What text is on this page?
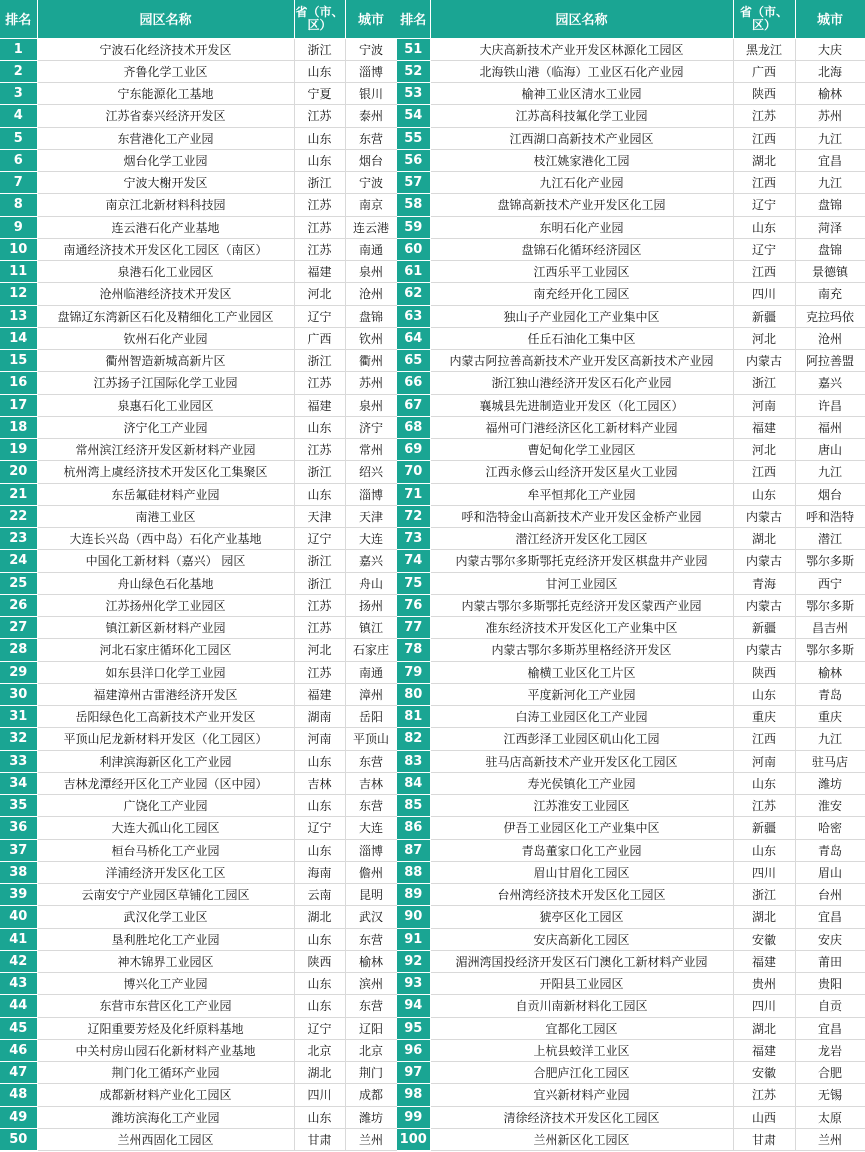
排名	园区名称	省（市、区）	城市
1	宁波石化经济技术开发区	浙江	宁波
2	齐鲁化学工业区	山东	淄博
3	宁东能源化工基地	宁夏	银川
4	江苏省泰兴经济开发区	江苏	泰州
5	东营港化工产业园	山东	东营
6	烟台化学工业园	山东	烟台
7	宁波大榭开发区	浙江	宁波
8	南京江北新材料科技园	江苏	南京
9	连云港石化产业基地	江苏	连云港
10	南通经济技术开发区化工园区（南区）	江苏	南通
11	泉港石化工业园区	福建	泉州
12	沧州临港经济技术开发区	河北	沧州
13	盘锦辽东湾新区石化及精细化工产业园区	辽宁	盘锦
14	钦州石化产业园	广西	钦州
15	衢州智造新城高新片区	浙江	衢州
16	江苏扬子江国际化学工业园	江苏	苏州
17	泉惠石化工业园区	福建	泉州
18	济宁化工产业园	山东	济宁
19	常州滨江经济开发区新材料产业园	江苏	常州
20	杭州湾上虞经济技术开发区化工集聚区	浙江	绍兴
21	东岳氟硅材料产业园	山东	淄博
22	南港工业区	天津	天津
23	大连长兴岛（西中岛）石化产业基地	辽宁	大连
24	中国化工新材料（嘉兴） 园区	浙江	嘉兴
25	舟山绿色石化基地	浙江	舟山
26	江苏扬州化学工业园区	江苏	扬州
27	镇江新区新材料产业园	江苏	镇江
28	河北石家庄循环化工园区	河北	石家庄
29	如东县洋口化学工业园	江苏	南通
30	福建漳州古雷港经济开发区	福建	漳州
31	岳阳绿色化工高新技术产业开发区	湖南	岳阳
32	平顶山尼龙新材料开发区（化工园区）	河南	平顶山
33	利津滨海新区化工产业园	山东	东营
34	吉林龙潭经开区化工产业园（区中园）	吉林	吉林
35	广饶化工产业园	山东	东营
36	大连大孤山化工园区	辽宁	大连
37	桓台马桥化工产业园	山东	淄博
38	洋浦经济开发区化工区	海南	儋州
39	云南安宁产业园区草铺化工园区	云南	昆明
40	武汉化学工业区	湖北	武汉
41	垦利胜坨化工产业园	山东	东营
42	神木锦界工业园区	陕西	榆林
43	博兴化工产业园	山东	滨州
44	东营市东营区化工产业园	山东	东营
45	辽阳重要芳烃及化纤原料基地	辽宁	辽阳
46	中关村房山园石化新材料产业基地	北京	北京
47	荆门化工循环产业园	湖北	荆门
48	成都新材料产业化工园区	四川	成都
49	潍坊滨海化工产业园	山东	潍坊
50	兰州西固化工园区	甘肃	兰州
排名	园区名称	省（市、区）	城市
51	大庆高新技术产业开发区林源化工园区	黑龙江	大庆
52	北海铁山港（临海）工业区石化产业园	广西	北海
53	榆神工业区清水工业园	陕西	榆林
54	江苏高科技氟化学工业园	江苏	苏州
55	江西湖口高新技术产业园区	江西	九江
56	枝江姚家港化工园	湖北	宜昌
57	九江石化产业园	江西	九江
58	盘锦高新技术产业开发区化工园	辽宁	盘锦
59	东明石化产业园	山东	菏泽
60	盘锦石化循环经济园区	辽宁	盘锦
61	江西乐平工业园区	江西	景德镇
62	南充经开化工园区	四川	南充
63	独山子产业园化工产业集中区	新疆	克拉玛依
64	任丘石油化工集中区	河北	沧州
65	内蒙古阿拉善高新技术产业开发区高新技术产业园	内蒙古	阿拉善盟
66	浙江独山港经济开发区石化产业园	浙江	嘉兴
67	襄城县先进制造业开发区（化工园区）	河南	许昌
68	福州可门港经济区化工新材料产业园	福建	福州
69	曹妃甸化学工业园区	河北	唐山
70	江西永修云山经济开发区星火工业园	江西	九江
71	牟平恒邦化工产业园	山东	烟台
72	呼和浩特金山高新技术产业开发区金桥产业园	内蒙古	呼和浩特
73	潜江经济开发区化工园区	湖北	潜江
74	内蒙古鄂尔多斯鄂托克经济开发区棋盘井产业园	内蒙古	鄂尔多斯
75	甘河工业园区	青海	西宁
76	内蒙古鄂尔多斯鄂托克经济开发区蒙西产业园	内蒙古	鄂尔多斯
77	准东经济技术开发区化工产业集中区	新疆	昌吉州
78	内蒙古鄂尔多斯苏里格经济开发区	内蒙古	鄂尔多斯
79	榆横工业区化工片区	陕西	榆林
80	平度新河化工产业园	山东	青岛
81	白涛工业园区化工产业园	重庆	重庆
82	江西彭泽工业园区矶山化工园	江西	九江
83	驻马店高新技术产业开发区化工园区	河南	驻马店
84	寿光侯镇化工产业园	山东	潍坊
85	江苏淮安工业园区	江苏	淮安
86	伊吾工业园区化工产业集中区	新疆	哈密
87	青岛董家口化工产业园	山东	青岛
88	眉山甘眉化工园区	四川	眉山
89	台州湾经济技术开发区化工园区	浙江	台州
90	猇亭区化工园区	湖北	宜昌
91	安庆高新化工园区	安徽	安庆
92	湄洲湾国投经济开发区石门澳化工新材料产业园	福建	莆田
93	开阳县工业园区	贵州	贵阳
94	自贡川南新材料化工园区	四川	自贡
95	宜都化工园区	湖北	宜昌
96	上杭县蛟洋工业区	福建	龙岩
97	合肥庐江化工园区	安徽	合肥
98	宜兴新材料产业园	江苏	无锡
99	清徐经济技术开发区化工园区	山西	太原
100	兰州新区化工园区	甘肃	兰州
